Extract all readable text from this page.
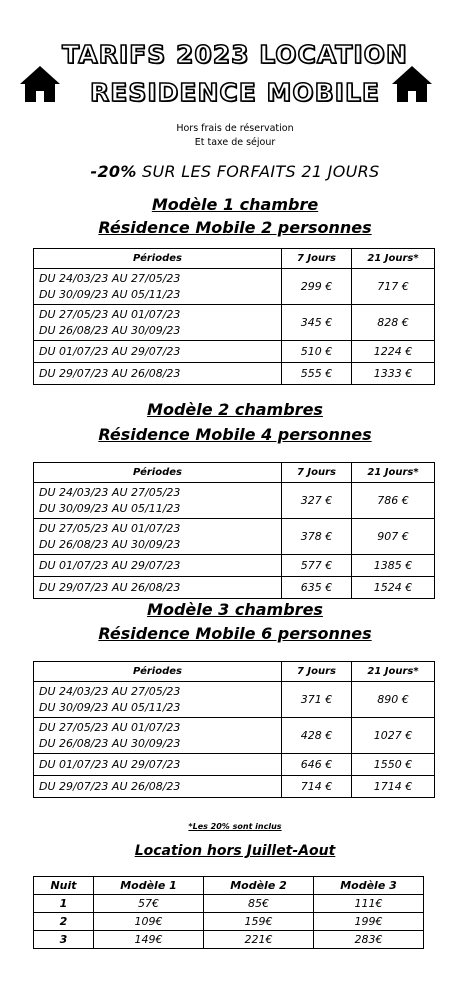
TARIFS 2023 LOCATION
RESIDENCE MOBILE
Hors frais de réservation
Et taxe de séjour
-20% SUR LES FORFAITS 21 JOURS
Modèle 1 chambre
Résidence Mobile 2 personnes
Périodes	7 Jours	21 Jours*

DU 24/03/23 AU 27/05/23
DU 30/09/23 AU 05/11/23	299 €	717 €

DU 27/05/23 AU 01/07/23
DU 26/08/23 AU 30/09/23	345 €	828 €
DU 01/07/23 AU 29/07/23	510 €	1224 €
DU 29/07/23 AU 26/08/23	555 €	1333 €
Modèle 2 chambres
Résidence Mobile 4 personnes
Périodes	7 Jours	21 Jours*

DU 24/03/23 AU 27/05/23
DU 30/09/23 AU 05/11/23	327 €	786 €

DU 27/05/23 AU 01/07/23
DU 26/08/23 AU 30/09/23	378 €	907 €
DU 01/07/23 AU 29/07/23	577 €	1385 €
DU 29/07/23 AU 26/08/23	635 €	1524 €
Modèle 3 chambres
Résidence Mobile 6 personnes
Périodes	7 Jours	21 Jours*

DU 24/03/23 AU 27/05/23
DU 30/09/23 AU 05/11/23	371 €	890 €

DU 27/05/23 AU 01/07/23
DU 26/08/23 AU 30/09/23	428 €	1027 €
DU 01/07/23 AU 29/07/23	646 €	1550 €
DU 29/07/23 AU 26/08/23	714 €	1714 €
*Les 20% sont inclus
Location hors Juillet-Aout
Nuit	Modèle 1	Modèle 2	Modèle 3
1	57€	85€	111€
2	109€	159€	199€
3	149€	221€	283€
